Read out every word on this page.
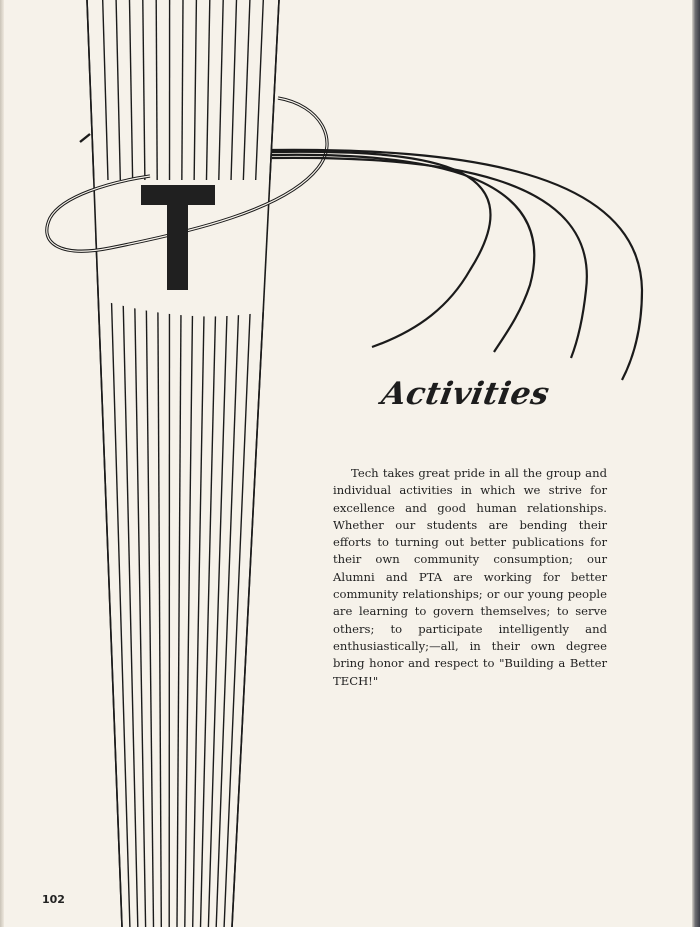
Activities

Tech takes great pride in all the group and individual activities in which we strive for excellence and good human relationships. Whether our students are bending their efforts to turning out better publications for their own community consumption; our Alumni and PTA are working for better community relationships; or our young people are learning to govern themselves; to serve others; to participate intelligently and enthusiastically;—all, in their own degree bring honor and respect to "Building a Better TECH!"

102
